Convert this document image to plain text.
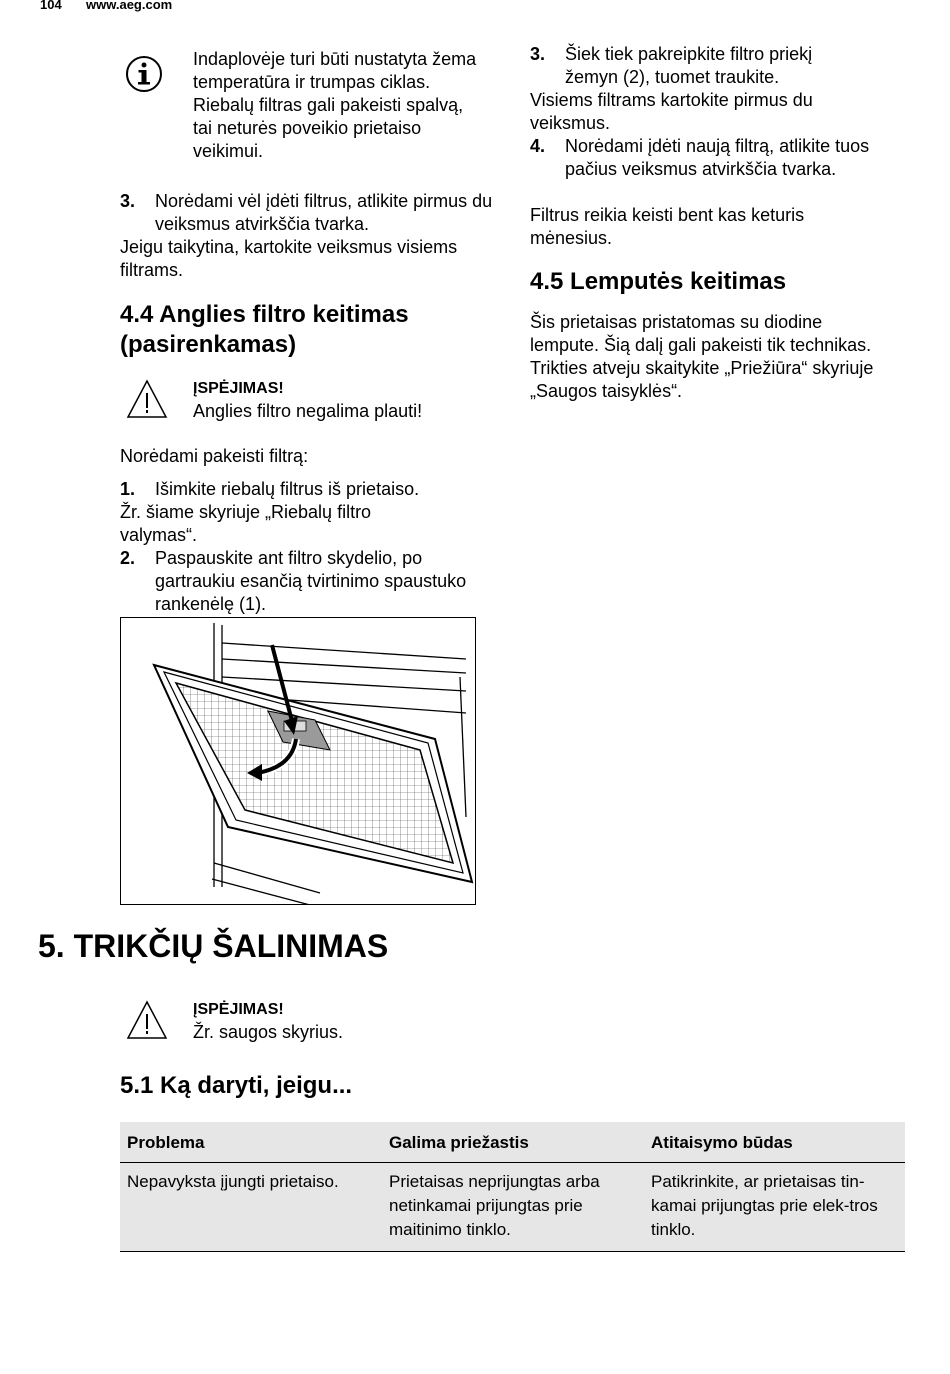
104 www.aeg.com
Indaplovėje turi būti nustatyta žema temperatūra ir trumpas ciklas. Riebalų filtras gali pakeisti spalvą, tai neturės poveikio prietaiso veikimui.
3.	Norėdami vėl įdėti filtrus, atlikite pirmus du veiksmus atvirkščia tvarka.
Jeigu taikytina, kartokite veiksmus visiems filtrams.
4.4 Anglies filtro keitimas (pasirenkamas)
ĮSPĖJIMAS!
Anglies filtro negalima plauti!
Norėdami pakeisti filtrą:
1.	Išimkite riebalų filtrus iš prietaiso.
Žr. šiame skyriuje „Riebalų filtro valymas“.
2.	Paspauskite ant filtro skydelio, po gartraukiu esančią tvirtinimo spaustuko rankenėlę (1).
3.	Šiek tiek pakreipkite filtro priekį žemyn (2), tuomet traukite.
Visiems filtrams kartokite pirmus du veiksmus.
4.	Norėdami įdėti naują filtrą, atlikite tuos pačius veiksmus atvirkščia tvarka.
Filtrus reikia keisti bent kas keturis mėnesius.
4.5 Lemputės keitimas
Šis prietaisas pristatomas su diodine lempute. Šią dalį gali pakeisti tik technikas. Trikties atveju skaitykite „Priežiūra“ skyriuje „Saugos taisyklės“.
5. TRIKČIŲ ŠALINIMAS
ĮSPĖJIMAS!
Žr. saugos skyrius.
5.1 Ką daryti, jeigu...
Problema	Galima priežastis	Atitaisymo būdas
Nepavyksta įjungti prietaiso.	Prietaisas neprijungtas arba netinkamai prijungtas prie maitinimo tinklo.	Patikrinkite, ar prietaisas tin-kamai prijungtas prie elek-tros tinklo.
